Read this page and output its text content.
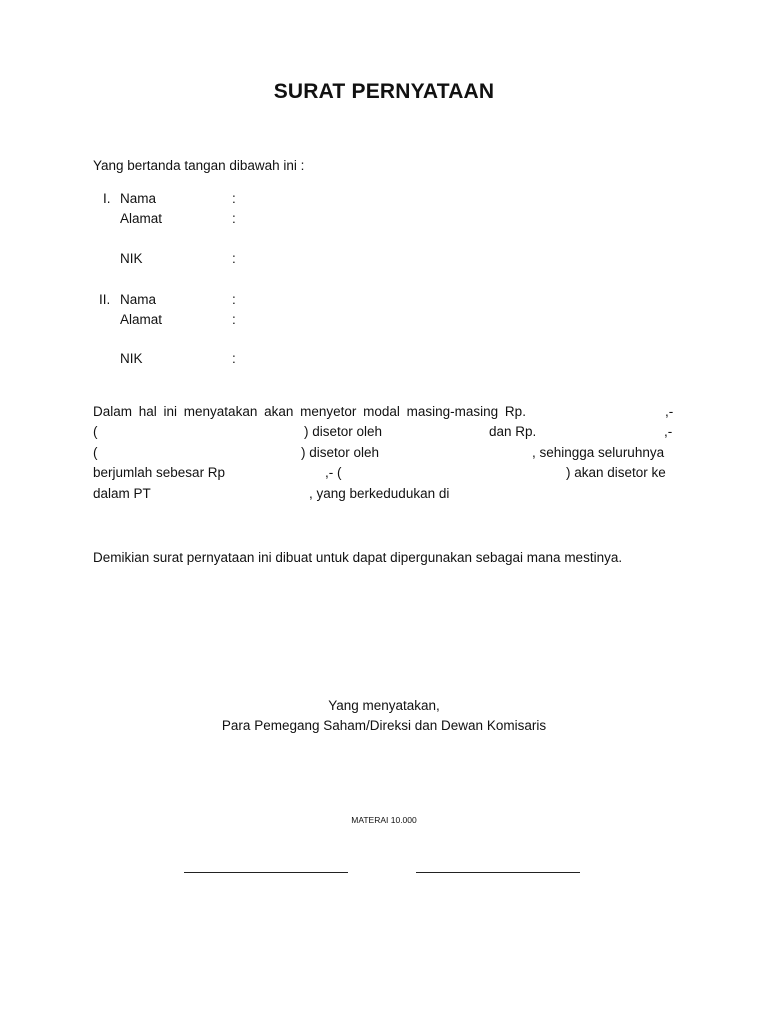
SURAT PERNYATAAN
Yang bertanda tangan dibawah ini :
I. Nama	:
Alamat	:
NIK	:
II. Nama	:
Alamat	:
NIK	:
Dalam hal ini menyatakan akan menyetor modal masing-masing Rp.	,-
(	) disetor oleh	dan Rp.	,-
(	) disetor oleh	, sehingga seluruhnya
berjumlah sebesar Rp	,- (	) akan disetor ke
dalam PT	, yang berkedudukan di
Demikian surat pernyataan ini dibuat untuk dapat dipergunakan sebagai mana mestinya.
Yang menyatakan,
Para Pemegang Saham/Direksi dan Dewan Komisaris
MATERAI 10.000
